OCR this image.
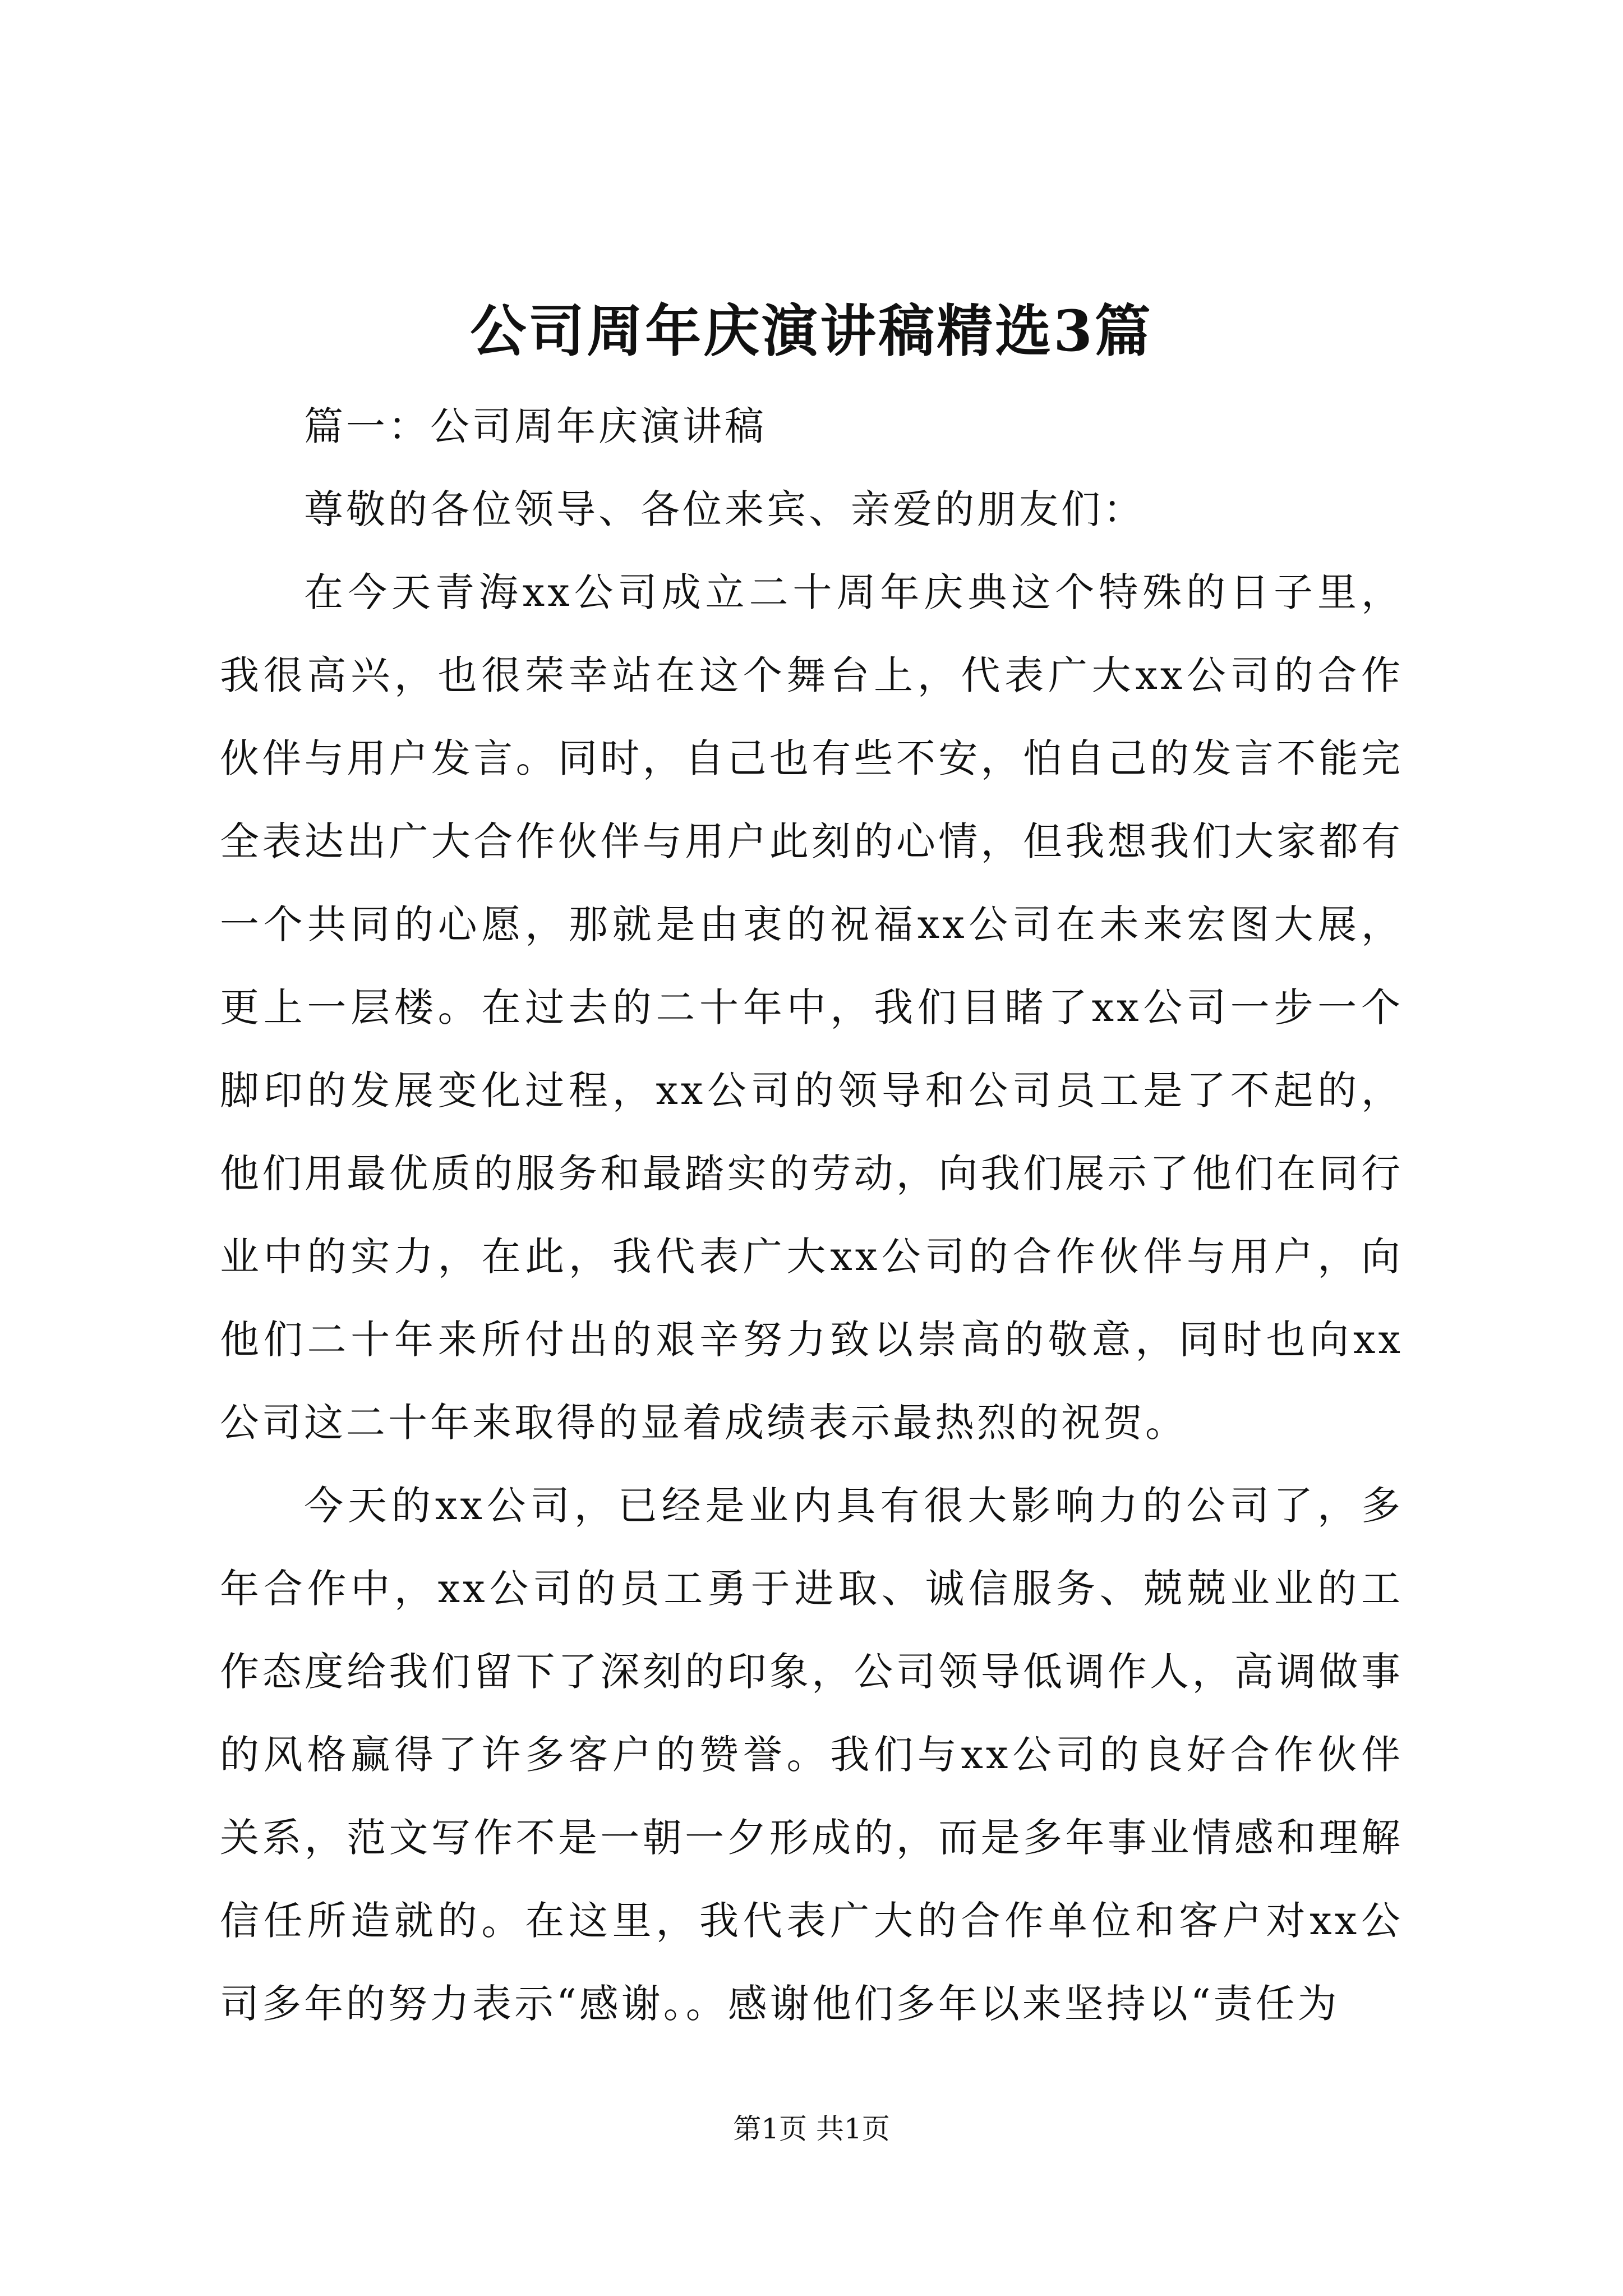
公司周年庆演讲稿精选3篇

篇一：公司周年庆演讲稿

尊敬的各位领导、各位来宾、亲爱的朋友们：

在今天青海xx公司成立二十周年庆典这个特殊的日子里，我很高兴，也很荣幸站在这个舞台上，代表广大xx公司的合作伙伴与用户发言。同时，自己也有些不安，怕自己的发言不能完全表达出广大合作伙伴与用户此刻的心情，但我想我们大家都有一个共同的心愿，那就是由衷的祝福xx公司在未来宏图大展，更上一层楼。在过去的二十年中，我们目睹了xx公司一步一个脚印的发展变化过程，xx公司的领导和公司员工是了不起的，他们用最优质的服务和最踏实的劳动，向我们展示了他们在同行业中的实力，在此，我代表广大xx公司的合作伙伴与用户，向他们二十年来所付出的艰辛努力致以崇高的敬意，同时也向xx公司这二十年来取得的显着成绩表示最热烈的祝贺。

今天的xx公司，已经是业内具有很大影响力的公司了，多年合作中，xx公司的员工勇于进取、诚信服务、兢兢业业的工作态度给我们留下了深刻的印象，公司领导低调作人，高调做事的风格赢得了许多客户的赞誉。我们与xx公司的良好合作伙伴关系，范文写作不是一朝一夕形成的，而是多年事业情感和理解信任所造就的。在这里，我代表广大的合作单位和客户对xx公司多年的努力表示“感谢。。感谢他们多年以来坚持以“责任为

第1页 共1页
